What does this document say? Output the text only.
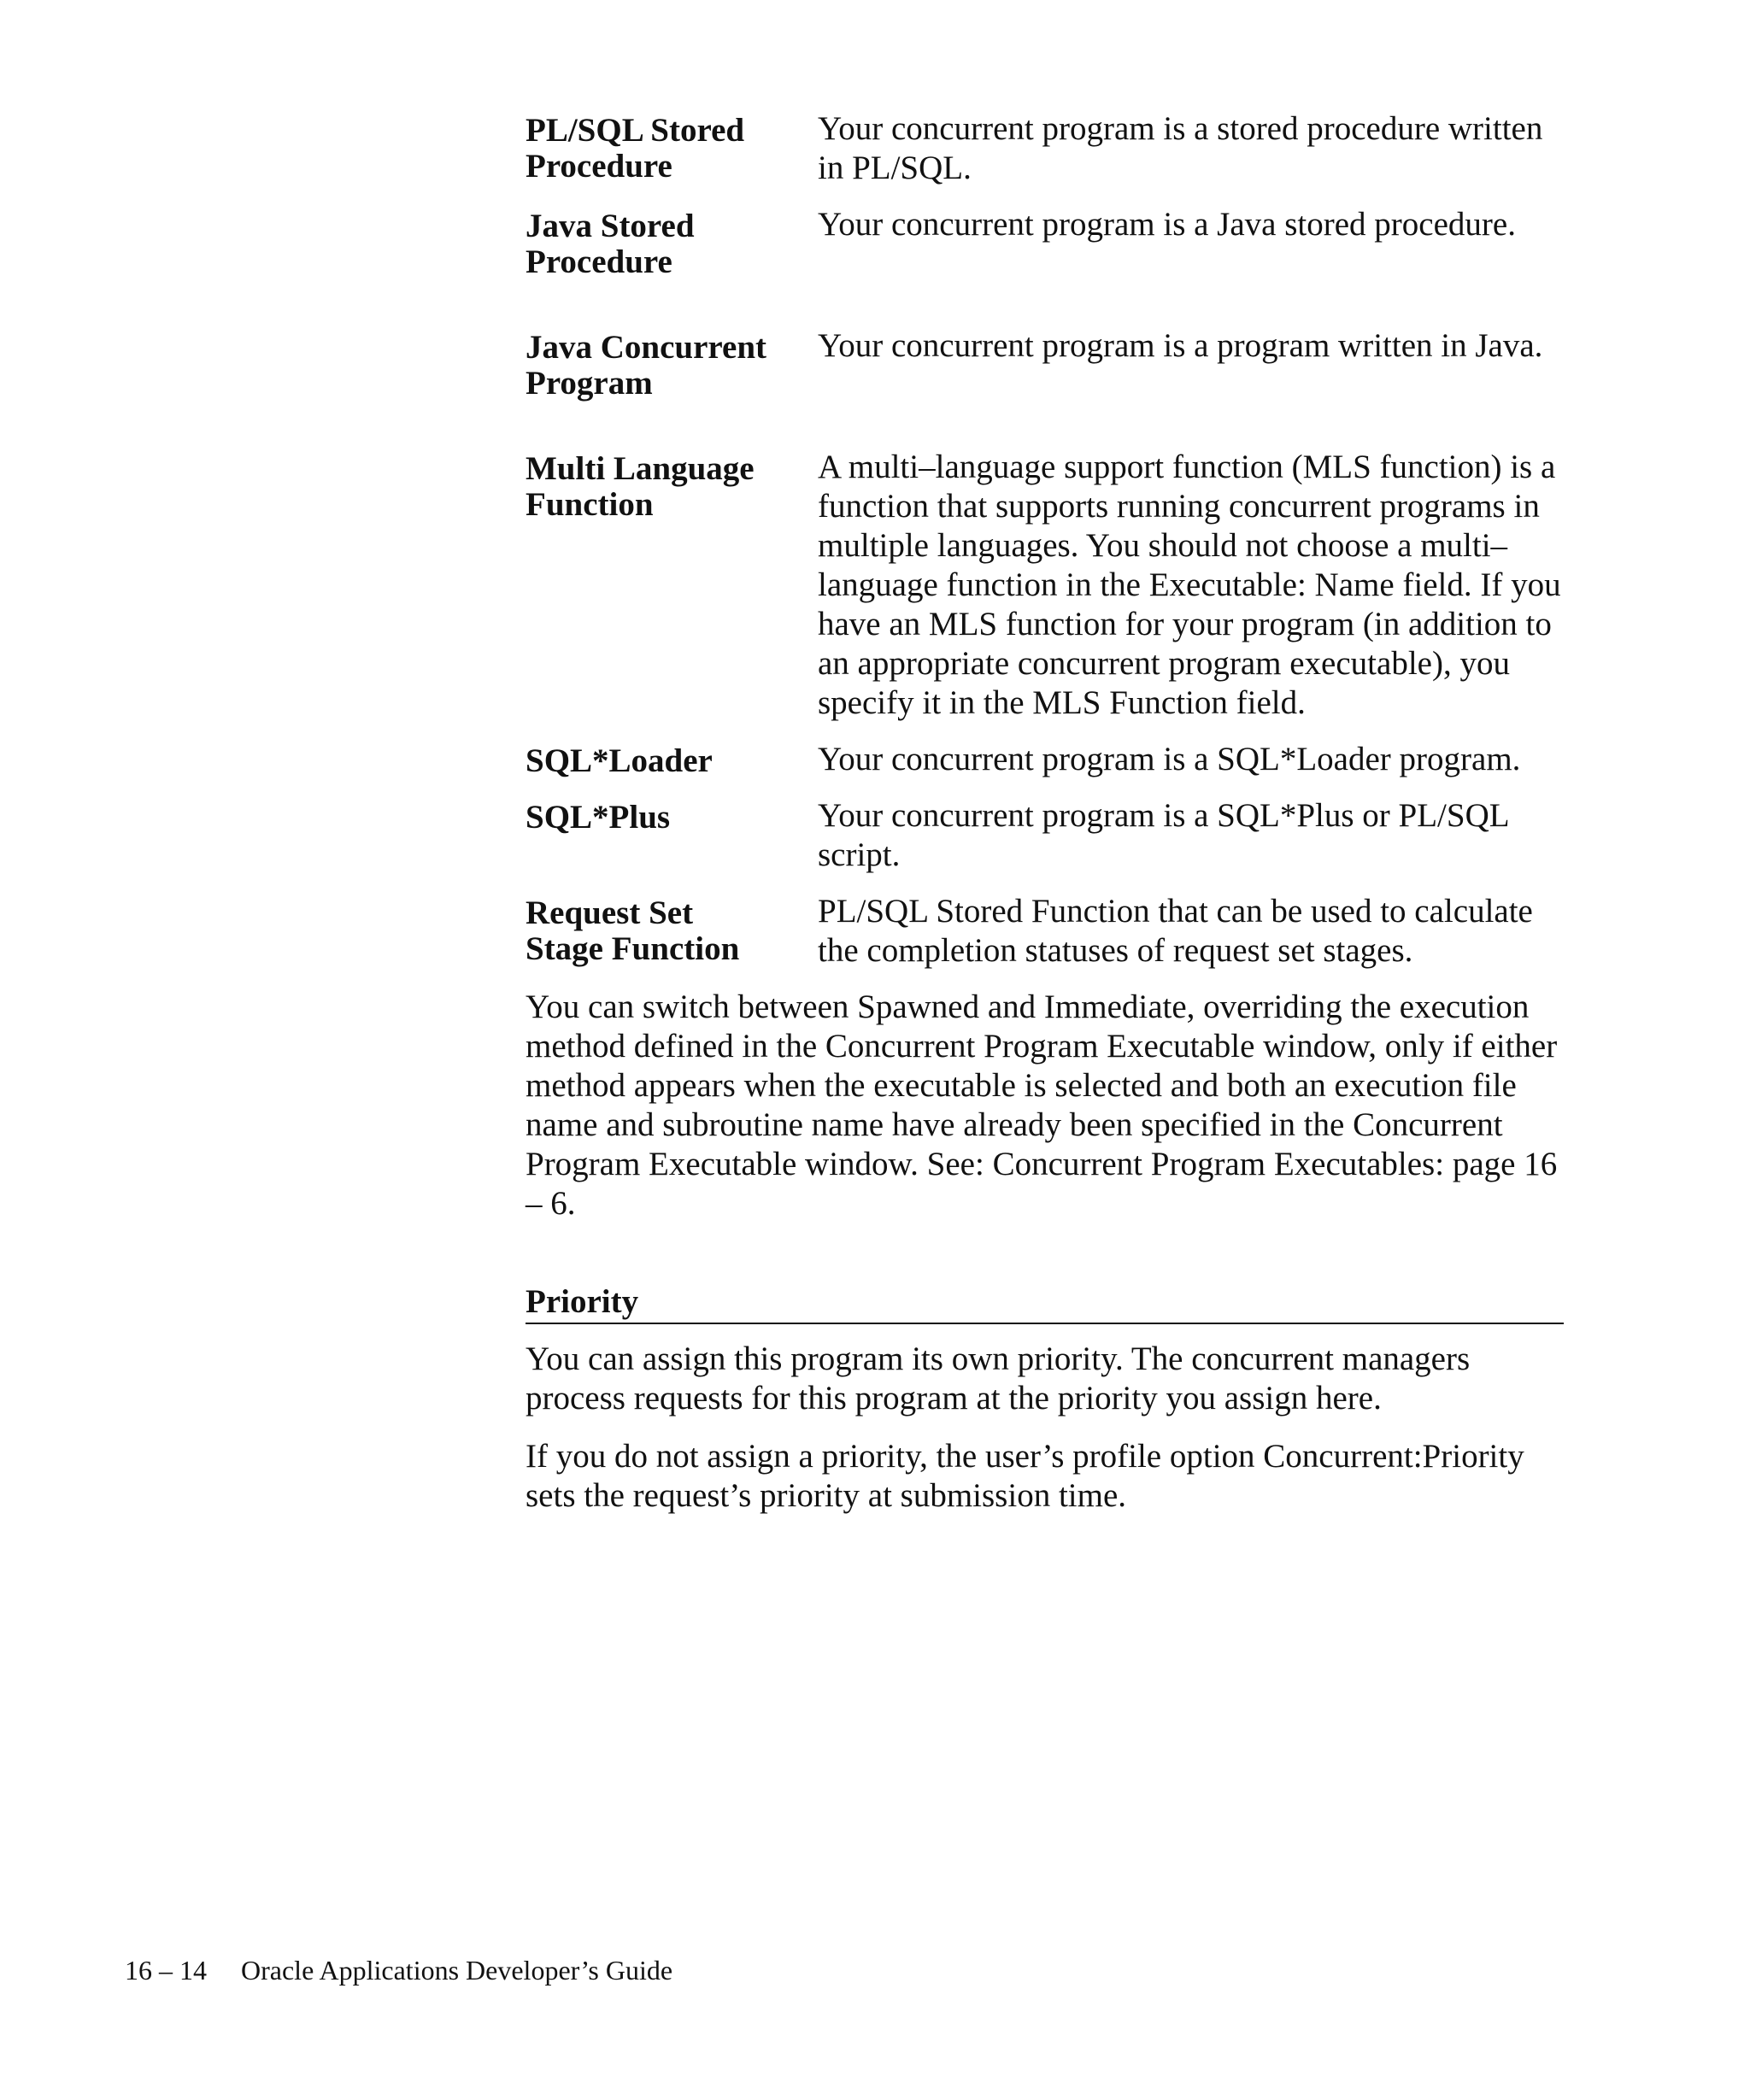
PL/SQL Stored
Procedure
Your concurrent program is a stored procedure written in PL/SQL.
Java Stored
Procedure
Your concurrent program is a Java stored procedure.
Java Concurrent
Program
Your concurrent program is a program written in Java.
Multi Language
Function
A multi–language support function (MLS function) is a function that supports running concurrent programs in multiple languages. You should not choose a multi–language function in the Executable: Name field. If you have an MLS function for your program (in addition to an appropriate concurrent program executable), you specify it in the MLS Function field.
SQL*Loader	Your concurrent program is a SQL*Loader program.
SQL*Plus	Your concurrent program is a SQL*Plus or PL/SQL script.
Request Set
Stage Function
PL/SQL Stored Function that can be used to calculate the completion statuses of request set stages.

You can switch between Spawned and Immediate, overriding the execution method defined in the Concurrent Program Executable window, only if either method appears when the executable is selected and both an execution file name and subroutine name have already been specified in the Concurrent Program Executable window. See: Concurrent Program Executables: page 16 – 6.

Priority

You can assign this program its own priority. The concurrent managers process requests for this program at the priority you assign here.

If you do not assign a priority, the user’s profile option Concurrent:Priority sets the request’s priority at submission time.

16 – 14 Oracle Applications Developer’s Guide
